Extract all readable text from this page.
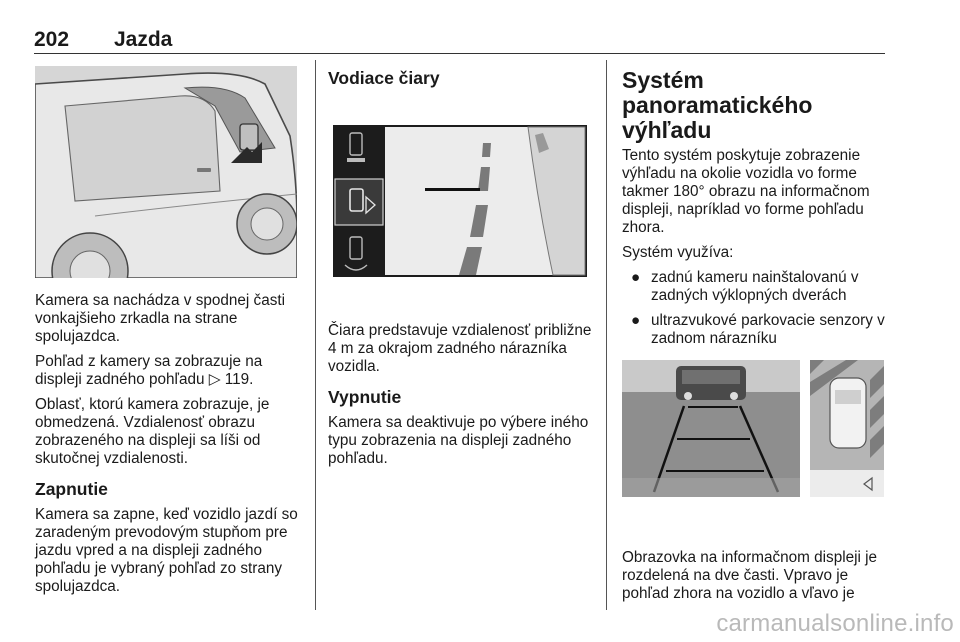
202 Jazda

Kamera sa nachádza v spodnej časti vonkajšieho zrkadla na strane spolujazdca.

Pohľad z kamery sa zobrazuje na displeji zadného pohľadu ▷ 119.

Oblasť, ktorú kamera zobrazuje, je obmedzená. Vzdialenosť obrazu zobrazeného na displeji sa líši od skutočnej vzdialenosti.

Zapnutie

Kamera sa zapne, keď vozidlo jazdí so zaradeným prevodovým stupňom pre jazdu vpred a na displeji zadného pohľadu je vybraný pohľad zo strany spolujazdca.

Vodiace čiary

Čiara predstavuje vzdialenosť približne 4 m za okrajom zadného nárazníka vozidla.

Vypnutie

Kamera sa deaktivuje po výbere iného typu zobrazenia na displeji zadného pohľadu.

Systém panoramatického výhľadu

Tento systém poskytuje zobrazenie výhľadu na okolie vozidla vo forme takmer 180° obrazu na informačnom displeji, napríklad vo forme pohľadu zhora.

Systém využíva:

● zadnú kameru nainštalovanú v zadných výklopných dverách
● ultrazvukové parkovacie senzory v zadnom nárazníku

Obrazovka na informačnom displeji je rozdelená na dve časti. Vpravo je pohľad zhora na vozidlo a vľavo je

carmanualsonline.info
